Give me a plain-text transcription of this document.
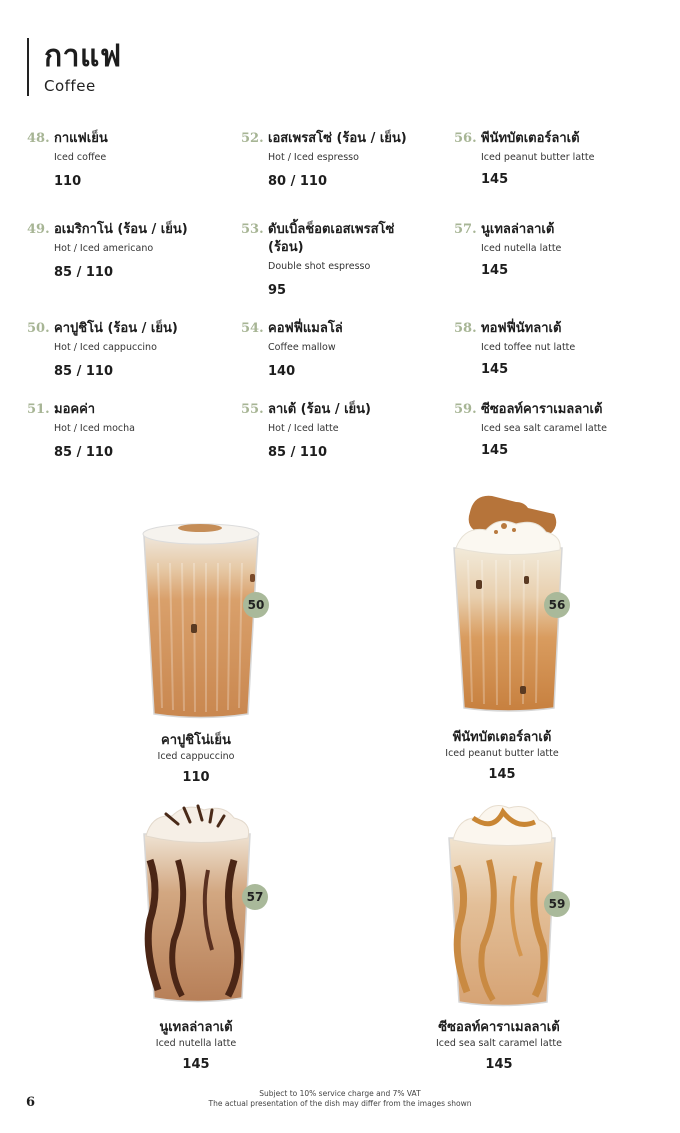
กาแฟ
Coffee
48. กาแฟเย็น
Iced coffee
110
49. อเมริกาโน่ (ร้อน / เย็น)
Hot / Iced americano
85 / 110
50. คาปูชิโน่ (ร้อน / เย็น)
Hot / Iced cappuccino
85 / 110
51. มอคค่า
Hot / Iced mocha
85 / 110
52. เอสเพรสโซ่ (ร้อน / เย็น)
Hot / Iced espresso
80 / 110
53. ดับเบิ้ลช็อตเอสเพรสโซ่ (ร้อน)
Double shot espresso
95
54. คอฟฟี่แมลโล่
Coffee mallow
140
55. ลาเต้ (ร้อน / เย็น)
Hot / Iced latte
85 / 110
56. พีนัทบัตเตอร์ลาเต้
Iced peanut butter latte
145
57. นูเทลล่าลาเต้
Iced nutella latte
145
58. ทอฟฟี่นัทลาเต้
Iced toffee nut latte
145
59. ซีซอลท์คาราเมลลาเต้
Iced sea salt caramel latte
145
50
คาปูชิโน่เย็น
Iced cappuccino
110
56
พีนัทบัตเตอร์ลาเต้
Iced peanut butter latte
145
57
นูเทลล่าลาเต้
Iced nutella latte
145
59
ซีซอลท์คาราเมลลาเต้
Iced sea salt caramel latte
145
6
Subject to 10% service charge and 7% VAT
The actual presentation of the dish may differ from the images shown
